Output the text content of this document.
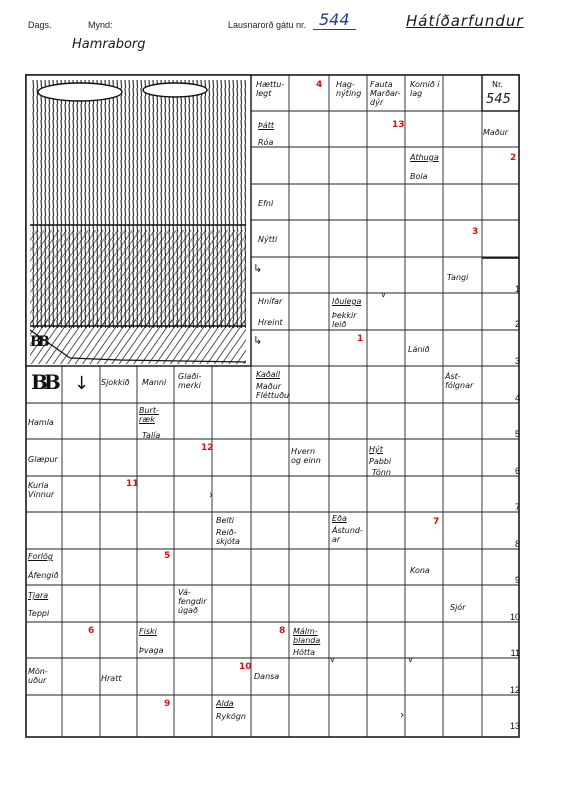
Dags.	Mynd:
Hamraborg
Lausnarorð gátu nr. 544	Hátíðarfundur
Nr.
545
BB
BB
↓
Hættu- legt
Hag- nýting
Fauta Marðar- dýr
Komið í lag
Þátt
Róa
Maður
Athuga
Bola
Efni
Nýtti
Tangi
Hnífar	Iðulega
Hreint
Þekkir leið
Lánið
Sjokkið Manni
Glaði- merki
Kaðall
Maður Fléttuðu
Ást- fólgnar
Hamla
Burt- ræk
Talía
Glæpur
Hvern og einn
Hýt
Pabbi
Tónn
Kurla Vinnur
Belti
Reið- skjóta
Eða
Ástund- ar
Forlög
Áfengið
Kona
Tjara
Teppi
Vá- fengdir úgað	Sjór
Fiski
Þvaga
Málm- blanda
Hötta
Mön- uður	Hratt	Dansa
Alda
Rykögn
4
13
2
3
1
12
11
7
5
6	8
10
9
1
2
3
4
5
6
7
8
9
10
11
12
13
↳
↳
›
›
v
v
v
